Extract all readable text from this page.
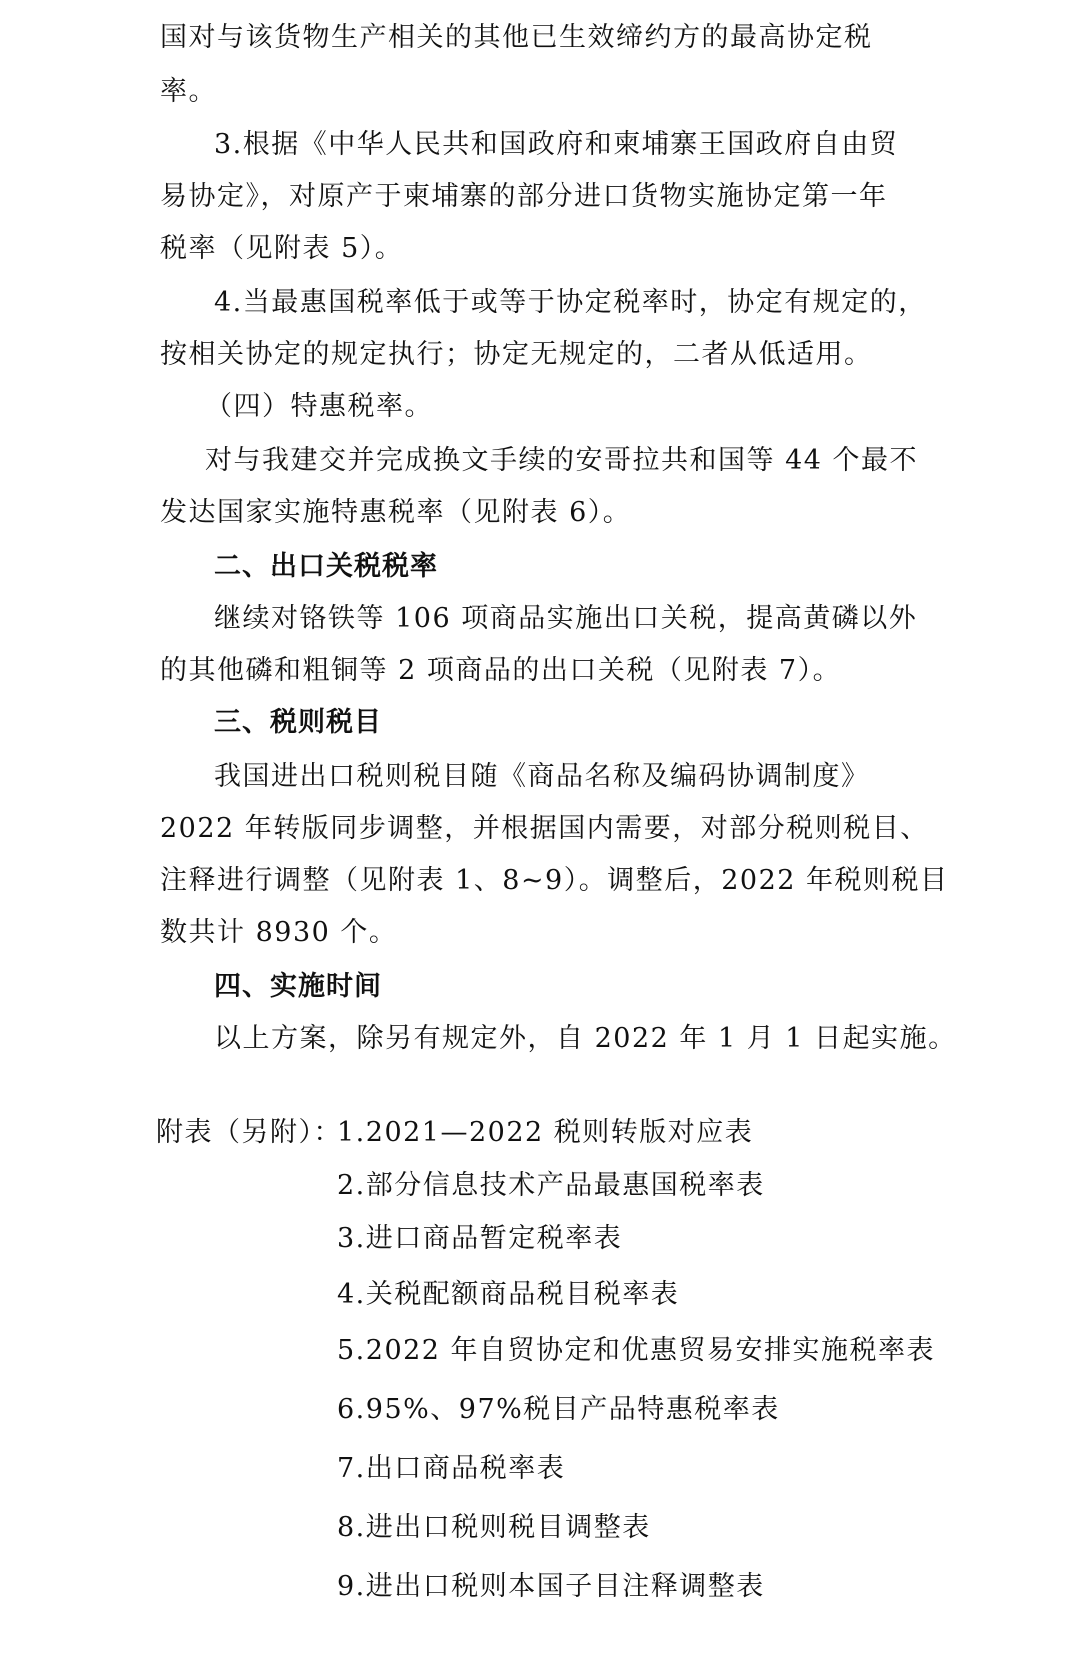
国对与该货物生产相关的其他已生效缔约方的最高协定税
率。
3.根据《中华人民共和国政府和柬埔寨王国政府自由贸
易协定》，对原产于柬埔寨的部分进口货物实施协定第一年
税率（见附表 5）。
4.当最惠国税率低于或等于协定税率时，协定有规定的，
按相关协定的规定执行；协定无规定的，二者从低适用。
（四）特惠税率。
对与我建交并完成换文手续的安哥拉共和国等 44 个最不
发达国家实施特惠税率（见附表 6）。
二、出口关税税率
继续对铬铁等 106 项商品实施出口关税，提高黄磷以外
的其他磷和粗铜等 2 项商品的出口关税（见附表 7）。
三、税则税目
我国进出口税则税目随《商品名称及编码协调制度》
2022 年转版同步调整，并根据国内需要，对部分税则税目、
注释进行调整（见附表 1、8~9）。调整后，2022 年税则税目
数共计 8930 个。
四、实施时间
以上方案，除另有规定外，自 2022 年 1 月 1 日起实施。
附表（另附）：
1.2021—2022 税则转版对应表
2.部分信息技术产品最惠国税率表
3.进口商品暂定税率表
4.关税配额商品税目税率表
5.2022 年自贸协定和优惠贸易安排实施税率表
6.95%、97%税目产品特惠税率表
7.出口商品税率表
8.进出口税则税目调整表
9.进出口税则本国子目注释调整表
